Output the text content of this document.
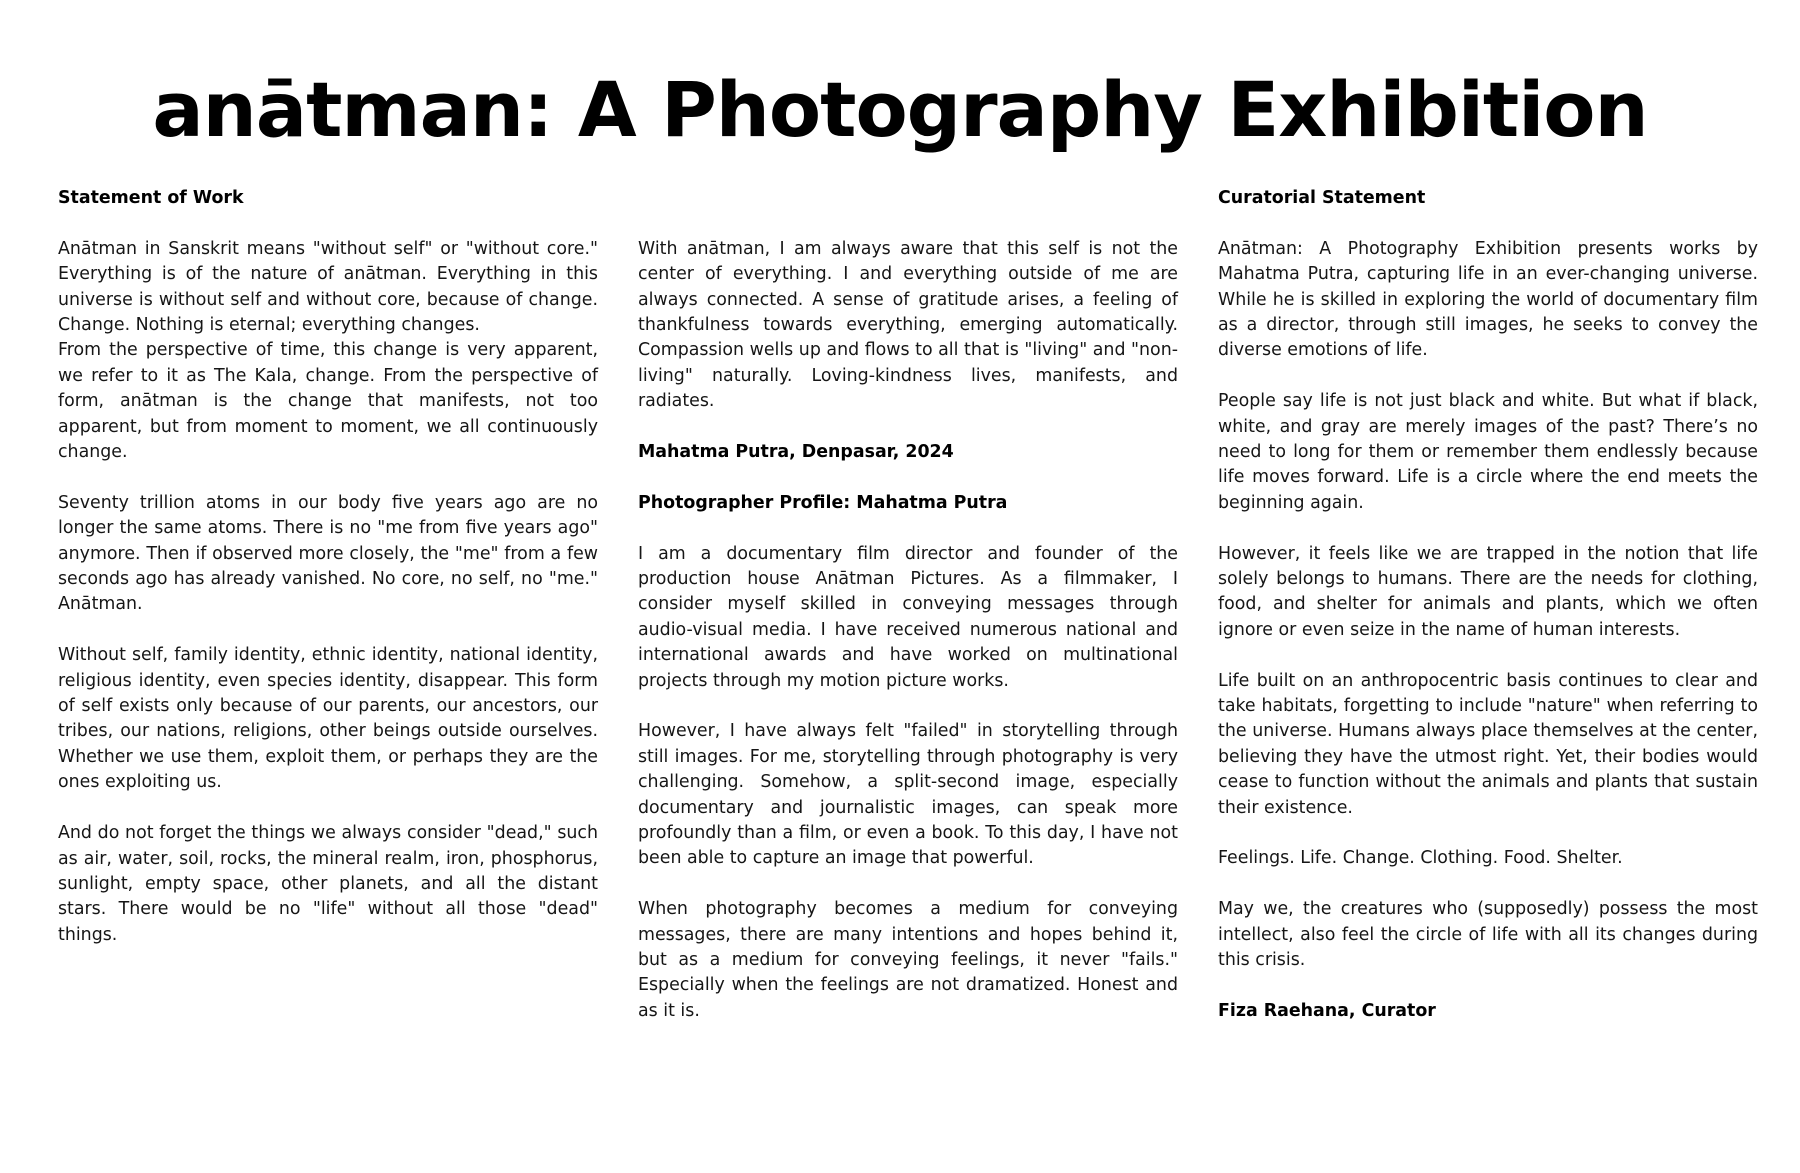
anātman: A Photography Exhibition
Statement of Work

Anātman in Sanskrit means "without self" or "without core." Everything is of the nature of anātman. Everything in this universe is without self and without core, because of change. Change. Nothing is eternal; everything changes.

From the perspective of time, this change is very apparent, we refer to it as The Kala, change. From the perspective of form, anātman is the change that manifests, not too apparent, but from moment to moment, we all continuously change.

Seventy trillion atoms in our body five years ago are no longer the same atoms. There is no "me from five years ago" anymore. Then if observed more closely, the "me" from a few seconds ago has already vanished. No core, no self, no "me." Anātman.

Without self, family identity, ethnic identity, national identity, religious identity, even species identity, disappear. This form of self exists only because of our parents, our ancestors, our tribes, our nations, religions, other beings outside ourselves. Whether we use them, exploit them, or perhaps they are the ones exploiting us.

And do not forget the things we always consider "dead," such as air, water, soil, rocks, the mineral realm, iron, phosphorus, sunlight, empty space, other planets, and all the distant stars. There would be no "life" without all those "dead" things.

With anātman, I am always aware that this self is not the center of everything. I and everything outside of me are always connected. A sense of gratitude arises, a feeling of thankfulness towards everything, emerging automatically. Compassion wells up and flows to all that is "living" and "non-living" naturally. Loving-kindness lives, manifests, and radiates.

Mahatma Putra, Denpasar, 2024
Photographer Profile: Mahatma Putra

I am a documentary film director and founder of the production house Anātman Pictures. As a filmmaker, I consider myself skilled in conveying messages through audio-visual media. I have received numerous national and international awards and have worked on multinational projects through my motion picture works.

However, I have always felt "failed" in storytelling through still images. For me, storytelling through photography is very challenging. Somehow, a split-second image, especially documentary and journalistic images, can speak more profoundly than a film, or even a book. To this day, I have not been able to capture an image that powerful.

When photography becomes a medium for conveying messages, there are many intentions and hopes behind it, but as a medium for conveying feelings, it never "fails." Especially when the feelings are not dramatized. Honest and as it is.

Curatorial Statement

Anātman: A Photography Exhibition presents works by Mahatma Putra, capturing life in an ever-changing universe. While he is skilled in exploring the world of documentary film as a director, through still images, he seeks to convey the diverse emotions of life.

People say life is not just black and white. But what if black, white, and gray are merely images of the past? There’s no need to long for them or remember them endlessly because life moves forward. Life is a circle where the end meets the beginning again.

However, it feels like we are trapped in the notion that life solely belongs to humans. There are the needs for clothing, food, and shelter for animals and plants, which we often ignore or even seize in the name of human interests.

Life built on an anthropocentric basis continues to clear and take habitats, forgetting to include "nature" when referring to the universe. Humans always place themselves at the center, believing they have the utmost right. Yet, their bodies would cease to function without the animals and plants that sustain their existence.

Feelings. Life. Change. Clothing. Food. Shelter.

May we, the creatures who (supposedly) possess the most intellect, also feel the circle of life with all its changes during this crisis.

Fiza Raehana, Curator
